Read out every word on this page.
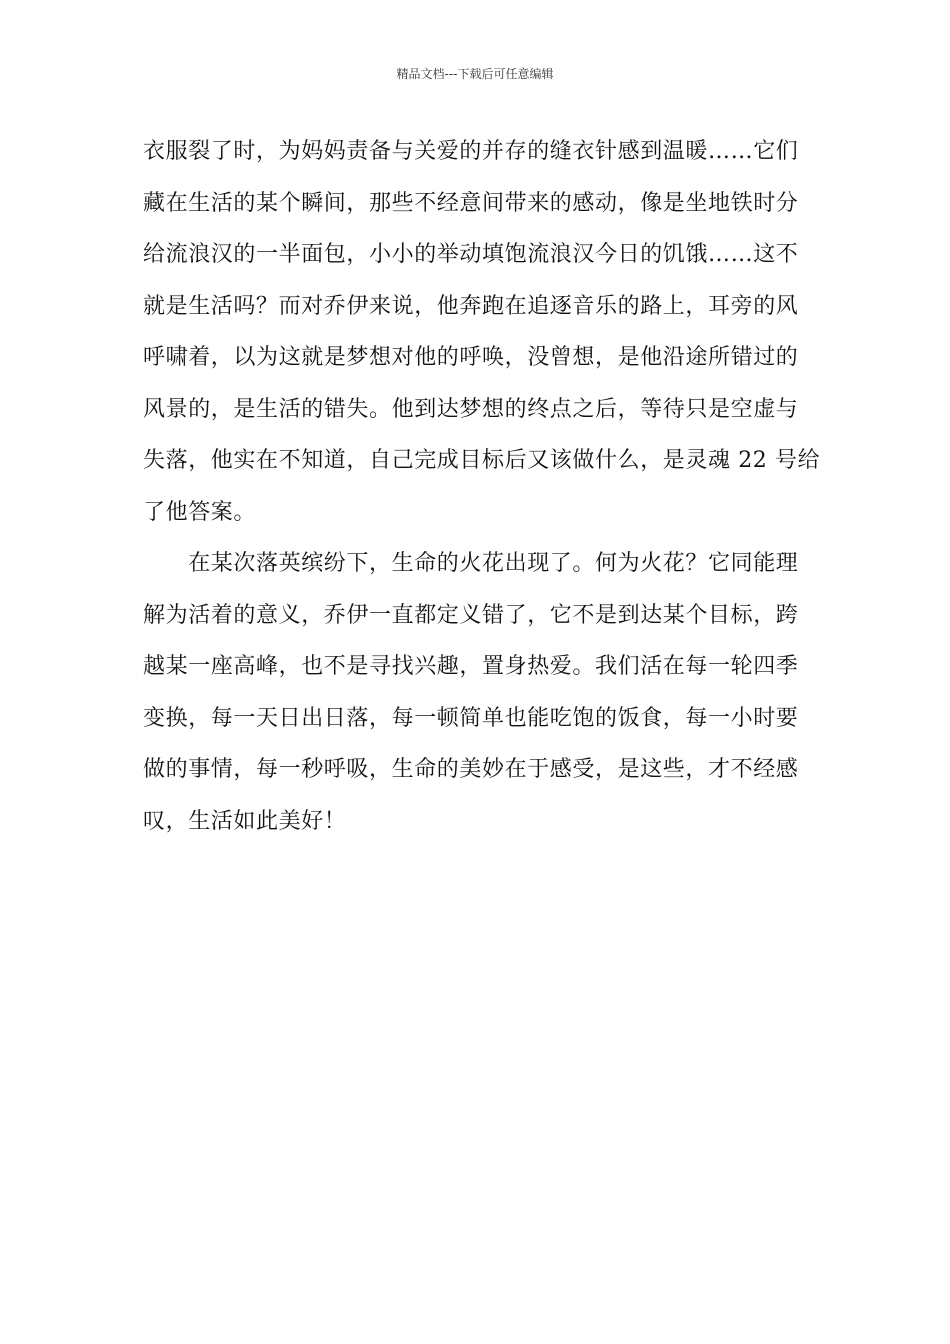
精品文档---下载后可任意编辑
衣服裂了时，为妈妈责备与关爱的并存的缝衣针感到温暖……它们
藏在生活的某个瞬间，那些不经意间带来的感动，像是坐地铁时分
给流浪汉的一半面包，小小的举动填饱流浪汉今日的饥饿……这不
就是生活吗？而对乔伊来说，他奔跑在追逐音乐的路上，耳旁的风
呼啸着，以为这就是梦想对他的呼唤，没曾想，是他沿途所错过的
风景的，是生活的错失。他到达梦想的终点之后，等待只是空虚与
失落，他实在不知道，自己完成目标后又该做什么，是灵魂 22 号给
了他答案。
　　在某次落英缤纷下，生命的火花出现了。何为火花？它同能理
解为活着的意义，乔伊一直都定义错了，它不是到达某个目标，跨
越某一座高峰，也不是寻找兴趣，置身热爱。我们活在每一轮四季
变换，每一天日出日落，每一顿简单也能吃饱的饭食，每一小时要
做的事情，每一秒呼吸，生命的美妙在于感受，是这些，才不经感
叹，生活如此美好！
